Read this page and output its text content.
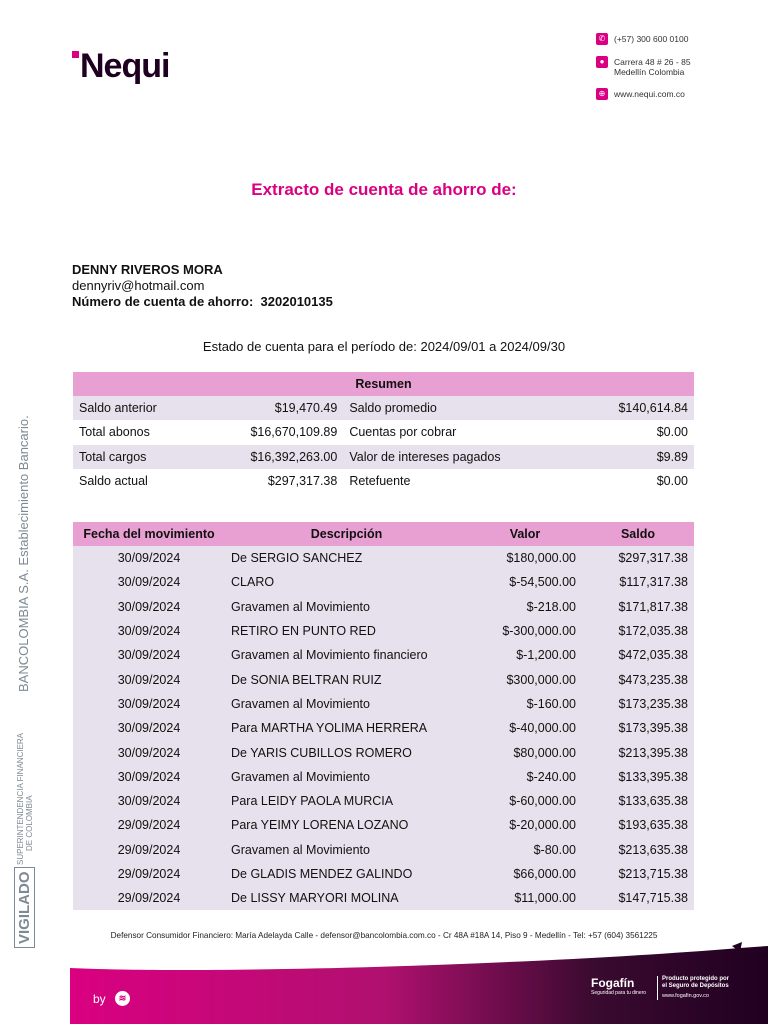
Nequi
✆	(+57) 300 600 0100
●	Carrera 48 # 26 - 85
Medellín Colombia
⊕	www.nequi.com.co
Extracto de cuenta de ahorro de:
DENNY RIVEROS MORA
dennyriv@hotmail.com
Número de cuenta de ahorro: 3202010135
Estado de cuenta para el período de: 2024/09/01 a 2024/09/30
Resumen			
Saldo anterior	$19,470.49	Saldo promedio	$140,614.84
Total abonos	$16,670,109.89	Cuentas por cobrar	$0.00
Total cargos	$16,392,263.00	Valor de intereses pagados	$9.89
Saldo actual	$297,317.38	Retefuente	$0.00
Fecha del movimiento	Descripción	Valor	Saldo
30/09/2024	De SERGIO SANCHEZ	$180,000.00	$297,317.38
30/09/2024	CLARO	$-54,500.00	$117,317.38
30/09/2024	Gravamen al Movimiento	$-218.00	$171,817.38
30/09/2024	RETIRO EN PUNTO RED	$-300,000.00	$172,035.38
30/09/2024	Gravamen al Movimiento financiero	$-1,200.00	$472,035.38
30/09/2024	De SONIA BELTRAN RUIZ	$300,000.00	$473,235.38
30/09/2024	Gravamen al Movimiento	$-160.00	$173,235.38
30/09/2024	Para MARTHA YOLIMA HERRERA	$-40,000.00	$173,395.38
30/09/2024	De YARIS CUBILLOS ROMERO	$80,000.00	$213,395.38
30/09/2024	Gravamen al Movimiento	$-240.00	$133,395.38
30/09/2024	Para LEIDY PAOLA MURCIA	$-60,000.00	$133,635.38
29/09/2024	Para YEIMY LORENA LOZANO	$-20,000.00	$193,635.38
29/09/2024	Gravamen al Movimiento	$-80.00	$213,635.38
29/09/2024	De GLADIS MENDEZ GALINDO	$66,000.00	$213,715.38
29/09/2024	De LISSY MARYORI MOLINA	$11,000.00	$147,715.38
VIGILADO
SUPERINTENDENCIA FINANCIERA
DE COLOMBIA
BANCOLOMBIA S.A. Establecimiento Bancario.
Defensor Consumidor Financiero: María Adelayda Calle - defensor@bancolombia.com.co - Cr 48A #18A 14, Piso 9 - Medellín - Tel: +57 (604) 3561225
by	≋
Fogafín
Seguridad para tu dinero
Producto protegido por
el Seguro de Depósitos
www.fogafin.gov.co
